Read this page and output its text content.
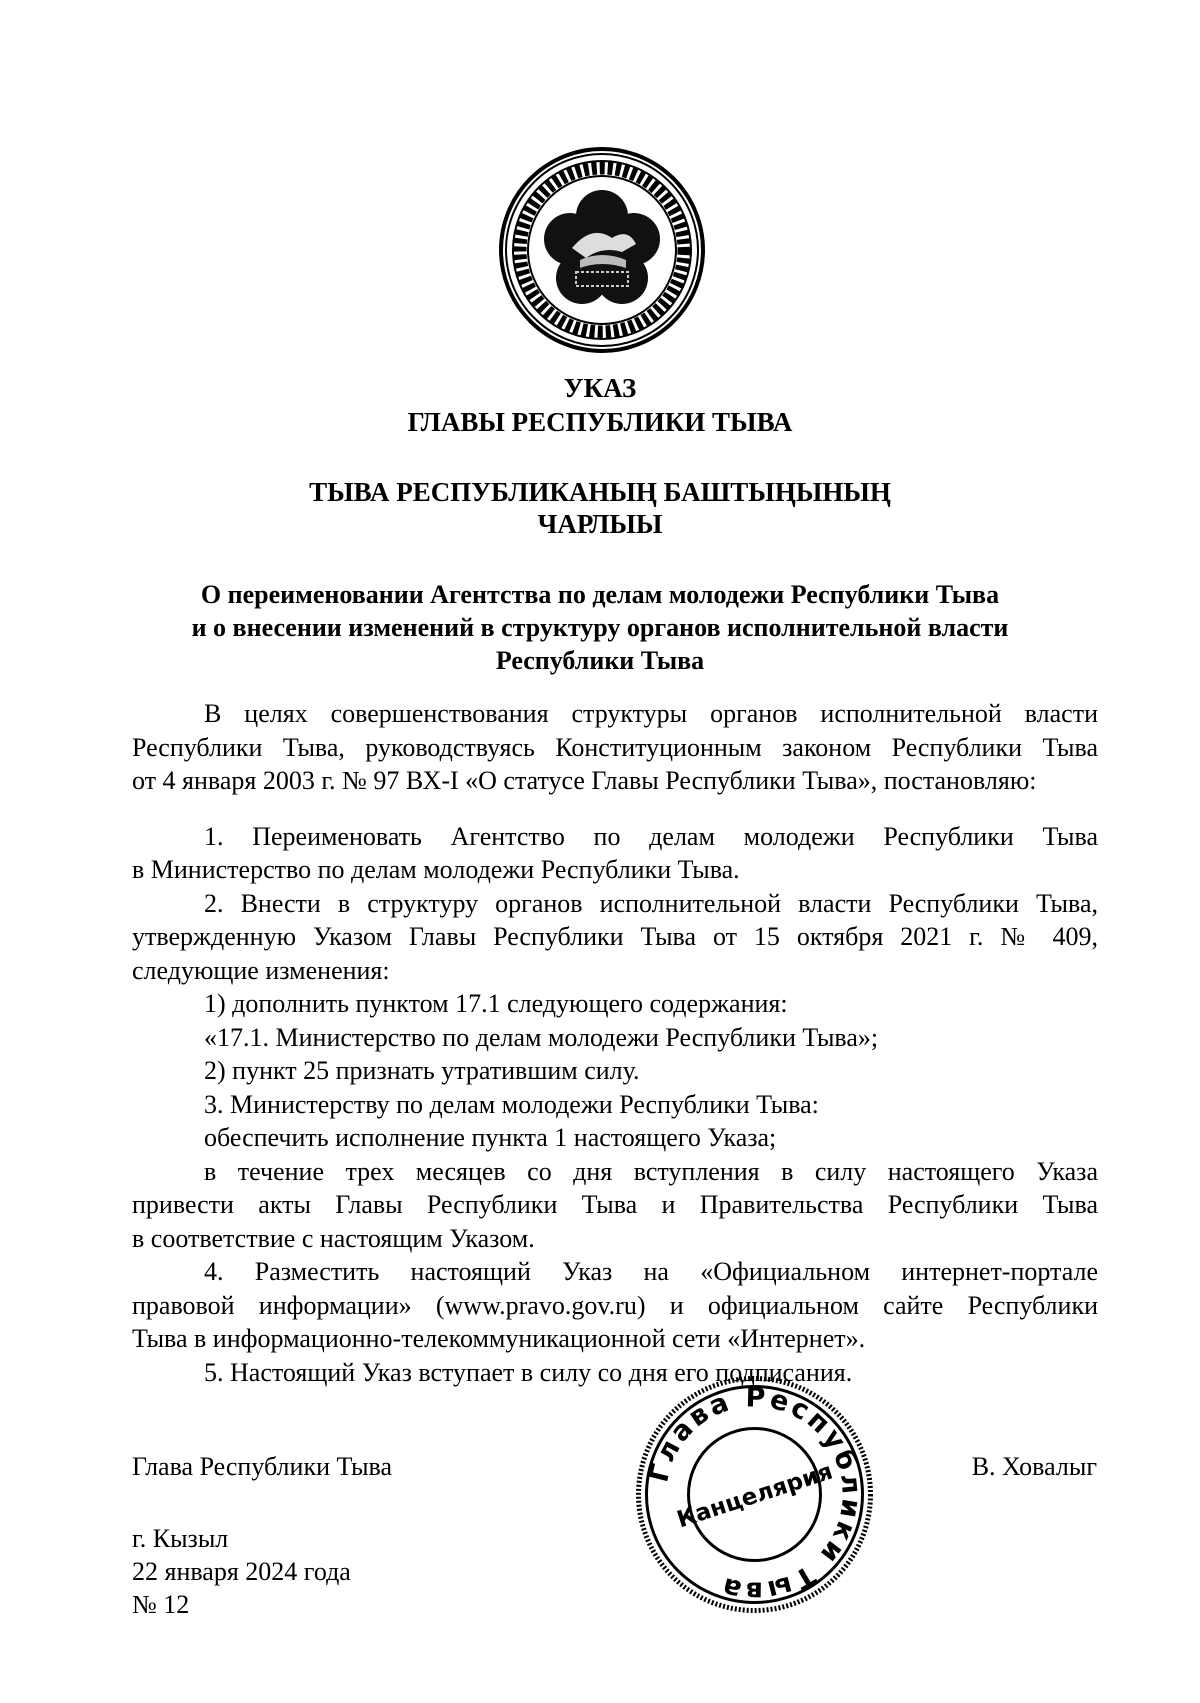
УКАЗ
ГЛАВЫ РЕСПУБЛИКИ ТЫВА
ТЫВА РЕСПУБЛИКАНЫҢ БАШТЫҢЫНЫҢ
ЧАРЛЫЫ
О переименовании Агентства по делам молодежи Республики Тыва
и о внесении изменений в структуру органов исполнительной власти
Республики Тыва

В целях совершенствования структуры органов исполнительной власти

Республики Тыва, руководствуясь Конституционным законом Республики Тыва

от 4 января 2003 г. № 97 ВХ-I «О статусе Главы Республики Тыва», постановляю:

1. Переименовать Агентство по делам молодежи Республики Тыва

в Министерство по делам молодежи Республики Тыва.

2. Внести в структуру органов исполнительной власти Республики Тыва,

утвержденную Указом Главы Республики Тыва от 15 октября 2021 г. № 409,

следующие изменения:

1) дополнить пунктом 17.1 следующего содержания:

«17.1. Министерство по делам молодежи Республики Тыва»;

2) пункт 25 признать утратившим силу.

3. Министерству по делам молодежи Республики Тыва:

обеспечить исполнение пункта 1 настоящего Указа;

в течение трех месяцев со дня вступления в силу настоящего Указа

привести акты Главы Республики Тыва и Правительства Республики Тыва

в соответствие с настоящим Указом.

4. Разместить настоящий Указ на «Официальном интернет-портале

правовой информации» (www.pravo.gov.ru) и официальном сайте Республики

Тыва в информационно-телекоммуникационной сети «Интернет».

5. Настоящий Указ вступает в силу со дня его подписания.

Глава Республики Тыва	В. Ховалыг
г. Кызыл
22 января 2024 года
№ 12
Глава Республики Тыва
Канцелярия
